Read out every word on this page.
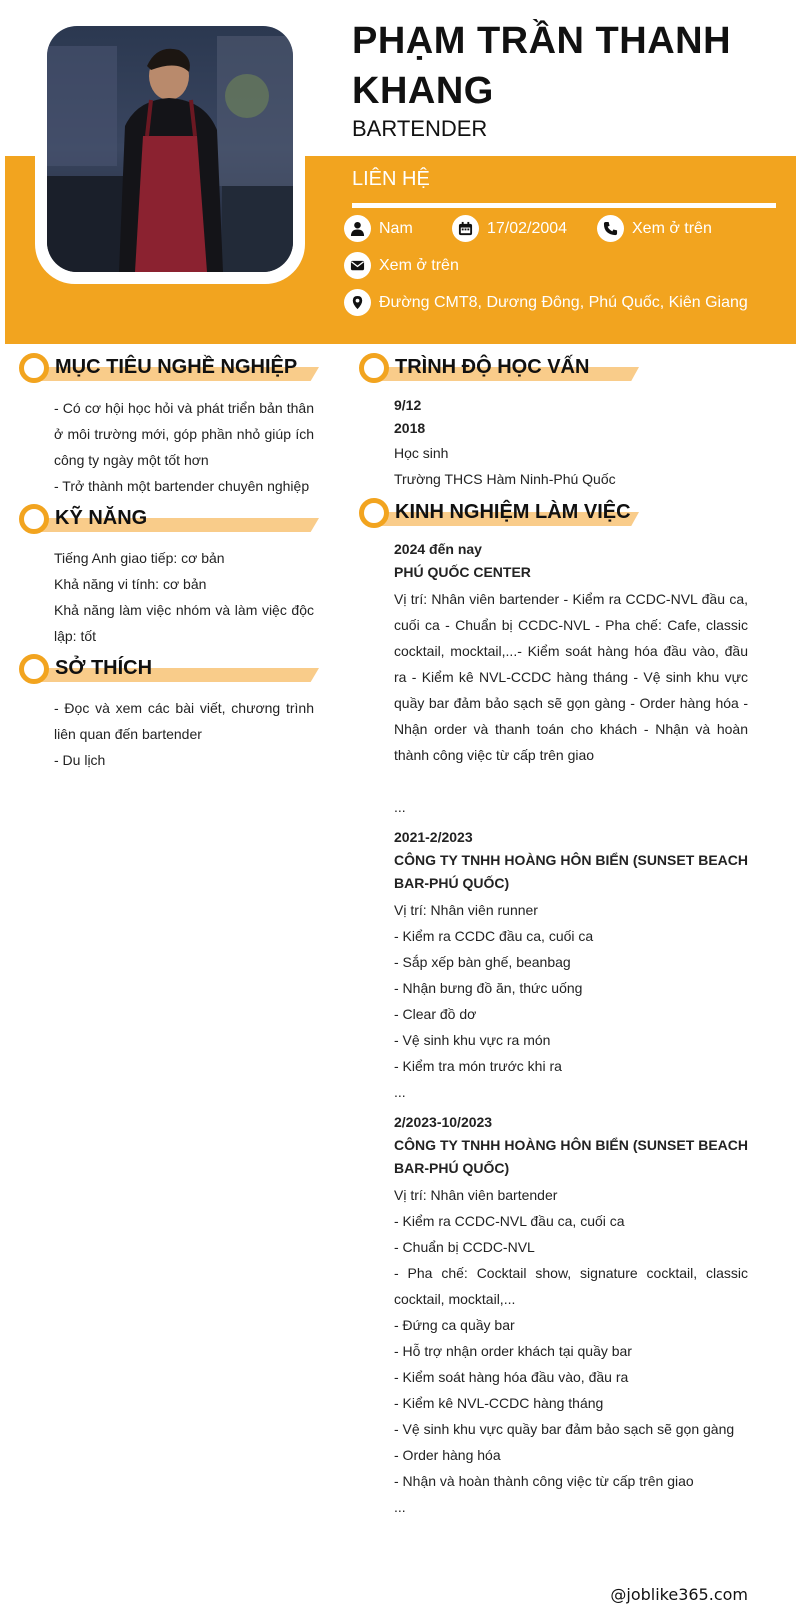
PHẠM TRẦN THANH KHANG
BARTENDER
LIÊN HỆ
Nam	17/02/2004	Xem ở trên
Xem ở trên
Đường CMT8, Dương Đông, Phú Quốc, Kiên Giang
MỤC TIÊU NGHỀ NGHIỆP

- Có cơ hội học hỏi và phát triển bản thân ở môi trường mới, góp phần nhỏ giúp ích công ty ngày một tốt hơn

- Trở thành một bartender chuyên nghiệp

KỸ NĂNG

Tiếng Anh giao tiếp: cơ bản

Khả năng vi tính: cơ bản

Khả năng làm việc nhóm và làm việc độc lập: tốt

SỞ THÍCH

- Đọc và xem các bài viết, chương trình liên quan đến bartender

- Du lịch

TRÌNH ĐỘ HỌC VẤN

9/12

2018

Học sinh

Trường THCS Hàm Ninh-Phú Quốc

KINH NGHIỆM LÀM VIỆC

2024 đến nay

PHÚ QUỐC CENTER

Vị trí: Nhân viên bartender - Kiểm ra CCDC-NVL đầu ca, cuối ca - Chuẩn bị CCDC-NVL - Pha chế: Cafe, classic cocktail, mocktail,...- Kiểm soát hàng hóa đầu vào, đầu ra - Kiểm kê NVL-CCDC hàng tháng - Vệ sinh khu vực quầy bar đảm bảo sạch sẽ gọn gàng - Order hàng hóa - Nhận order và thanh toán cho khách - Nhận và hoàn thành công việc từ cấp trên giao

...

2021-2/2023

CÔNG TY TNHH HOÀNG HÔN BIỂN (SUNSET BEACH BAR-PHÚ QUỐC)

Vị trí: Nhân viên runner

- Kiểm ra CCDC đầu ca, cuối ca

- Sắp xếp bàn ghế, beanbag

- Nhận bưng đồ ăn, thức uống

- Clear đồ dơ

- Vệ sinh khu vực ra món

- Kiểm tra món trước khi ra

...

2/2023-10/2023

CÔNG TY TNHH HOÀNG HÔN BIỂN (SUNSET BEACH BAR-PHÚ QUỐC)

Vị trí: Nhân viên bartender

- Kiểm ra CCDC-NVL đầu ca, cuối ca

- Chuẩn bị CCDC-NVL

- Pha chế: Cocktail show, signature cocktail, classic cocktail, mocktail,...

- Đứng ca quầy bar

- Hỗ trợ nhận order khách tại quầy bar

- Kiểm soát hàng hóa đầu vào, đầu ra

- Kiểm kê NVL-CCDC hàng tháng

- Vệ sinh khu vực quầy bar đảm bảo sạch sẽ gọn gàng

- Order hàng hóa

- Nhận và hoàn thành công việc từ cấp trên giao

...

@joblike365.com
